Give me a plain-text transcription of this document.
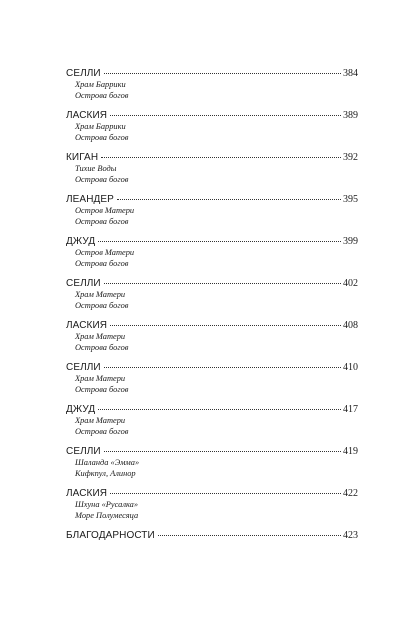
СЕЛЛИ	384
Храм Баррики
Острова богов
ЛАСКИЯ	389
Храм Баррики
Острова богов
КИГАН	392
Тихие Воды
Острова богов
ЛЕАНДЕР	395
Остров Матери
Острова богов
ДЖУД	399
Остров Матери
Острова богов
СЕЛЛИ	402
Храм Матери
Острова богов
ЛАСКИЯ	408
Храм Матери
Острова богов
СЕЛЛИ	410
Храм Матери
Острова богов
ДЖУД	417
Храм Матери
Острова богов
СЕЛЛИ	419
Шаланда «Эмма»
Кифкпул, Алинор
ЛАСКИЯ	422
Шхуна «Русалка»
Море Полумесяца
БЛАГОДАРНОСТИ	423
